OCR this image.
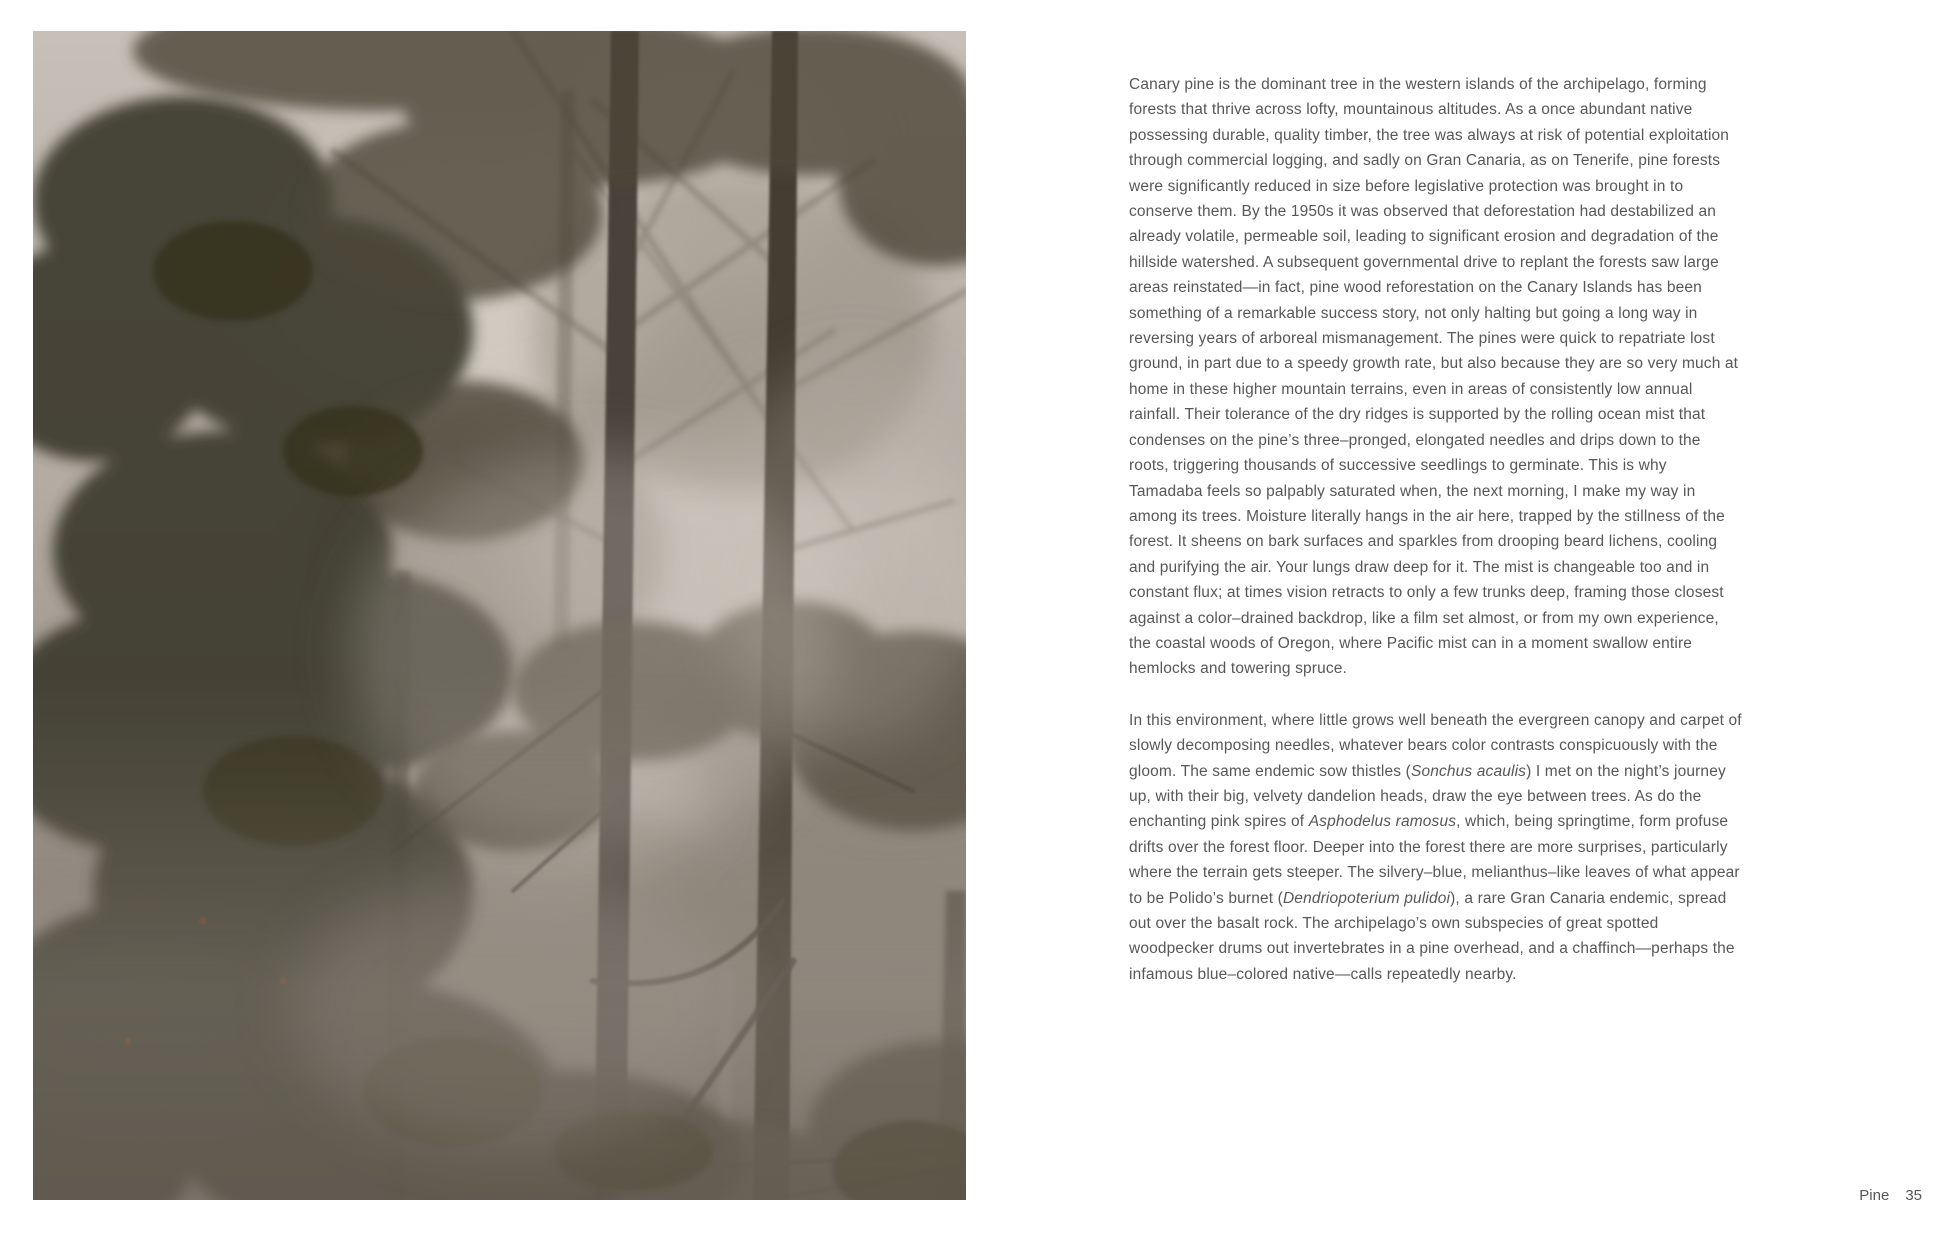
Canary pine is the dominant tree in the western islands of the archipelago, forming forests that thrive across lofty, mountainous altitudes. As a once abundant native possessing durable, quality timber, the tree was always at risk of potential exploitation through commercial logging, and sadly on Gran Canaria, as on Tenerife, pine forests were significantly reduced in size before legislative protection was brought in to conserve them. By the 1950s it was observed that deforestation had destabilized an already volatile, permeable soil, leading to significant erosion and degradation of the hillside watershed. A subsequent governmental drive to replant the forests saw large areas reinstated—in fact, pine wood reforestation on the Canary Islands has been something of a remarkable success story, not only halting but going a long way in reversing years of arboreal mismanagement. The pines were quick to repatriate lost ground, in part due to a speedy growth rate, but also because they are so very much at home in these higher mountain terrains, even in areas of consistently low annual rainfall. Their tolerance of the dry ridges is supported by the rolling ocean mist that condenses on the pine’s three–pronged, elongated needles and drips down to the roots, triggering thousands of successive seedlings to germinate. This is why Tamadaba feels so palpably saturated when, the next morning, I make my way in among its trees. Moisture literally hangs in the air here, trapped by the stillness of the forest. It sheens on bark surfaces and sparkles from drooping beard lichens, cooling and purifying the air. Your lungs draw deep for it. The mist is changeable too and in constant flux; at times vision retracts to only a few trunks deep, framing those closest against a color–drained backdrop, like a film set almost, or from my own experience, the coastal woods of Oregon, where Pacific mist can in a moment swallow entire hemlocks and towering spruce.

In this environment, where little grows well beneath the evergreen canopy and carpet of slowly decomposing needles, whatever bears color contrasts conspicuously with the gloom. The same endemic sow thistles (Sonchus acaulis) I met on the night’s journey up, with their big, velvety dandelion heads, draw the eye between trees. As do the enchanting pink spires of Asphodelus ramosus, which, being springtime, form profuse drifts over the forest floor. Deeper into the forest there are more surprises, particularly where the terrain gets steeper. The silvery–blue, melianthus–like leaves of what appear to be Polido’s burnet (Dendriopoterium pulidoi), a rare Gran Canaria endemic, spread out over the basalt rock. The archipelago’s own subspecies of great spotted woodpecker drums out invertebrates in a pine overhead, and a chaffinch—perhaps the infamous blue–colored native—calls repeatedly nearby.

Pine 35
